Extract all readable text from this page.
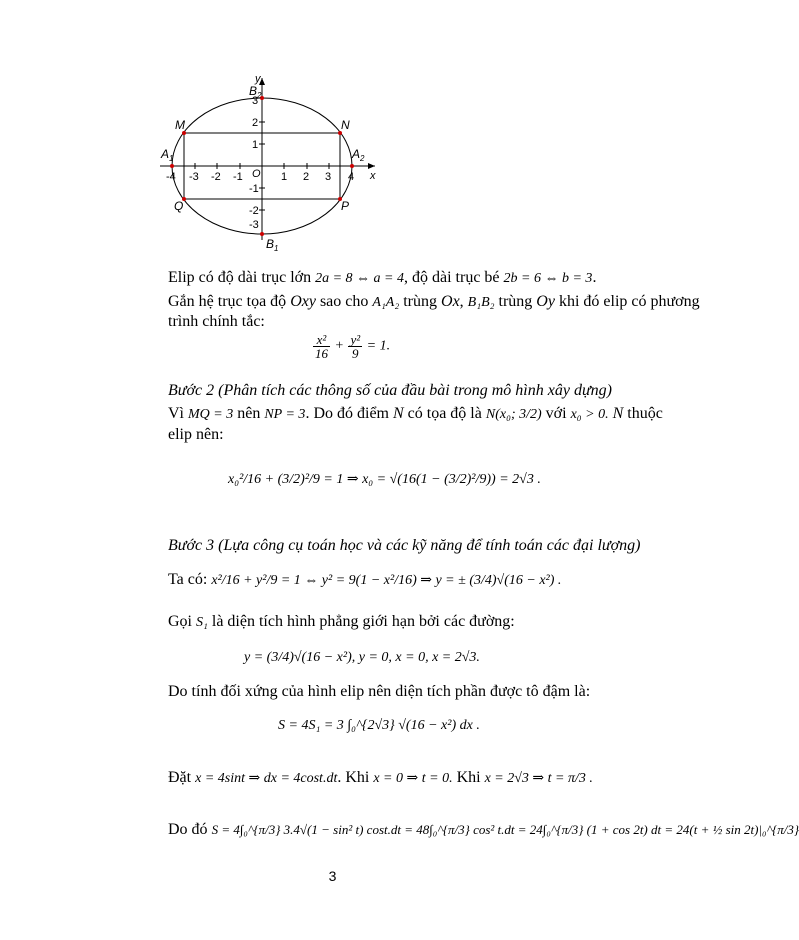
y
x
O
$B_2$
$B_1$
$A_1$	$A_2$
M	N
Q	P
-4 -3 -2 -1	1 2 3 4
3
2
1
-1
-2
-3
Elip có độ dài trục lớn 2a = 8 ⇔ a = 4, độ dài trục bé 2b = 6 ⇔ b = 3.
Gắn hệ trục tọa độ Oxy sao cho A₁A₂ trùng Ox, B₁B₂ trùng Oy khi đó elip có phương
trình chính tắc:
$\frac{\text{x²}}{16} + \frac{\text{y²}}{9} = 1$.
Bước 2 (Phân tích các thông số của đầu bài trong mô hình xây dựng)
Vì MQ = 3 nên NP = 3. Do đó điểm N có tọa độ là N(x₀; 3/2) với x₀ > 0. N thuộc
elip nên:
x₀²/16 + (3/2)²/9 = 1 ⇒ x₀ = √(16(1 − (3/2)²/9)) = 2√3 .
Bước 3 (Lựa công cụ toán học và các kỹ năng để tính toán các đại lượng)
Ta có: x²/16 + y²/9 = 1 ⇔ y² = 9(1 − x²/16) ⇒ y = ± (3/4)√(16 − x²) .
Gọi S₁ là diện tích hình phẳng giới hạn bởi các đường:
y = (3/4)√(16 − x²), y = 0, x = 0, x = 2√3.
Do tính đối xứng của hình elip nên diện tích phần được tô đậm là:
S = 4S₁ = 3 ∫₀^{2√3} √(16 − x²) dx .
Đặt x = 4sint ⇒ dx = 4cost.dt. Khi x = 0 ⇒ t = 0. Khi x = 2√3 ⇒ t = π/3 .
Do đó S = 4∫₀^{π/3} 3.4√(1 − sin² t) cost.dt = 48∫₀^{π/3} cos² t.dt = 24∫₀^{π/3} (1 + cos 2t) dt = 24(t + ½ sin 2t)|₀^{π/3}
3
